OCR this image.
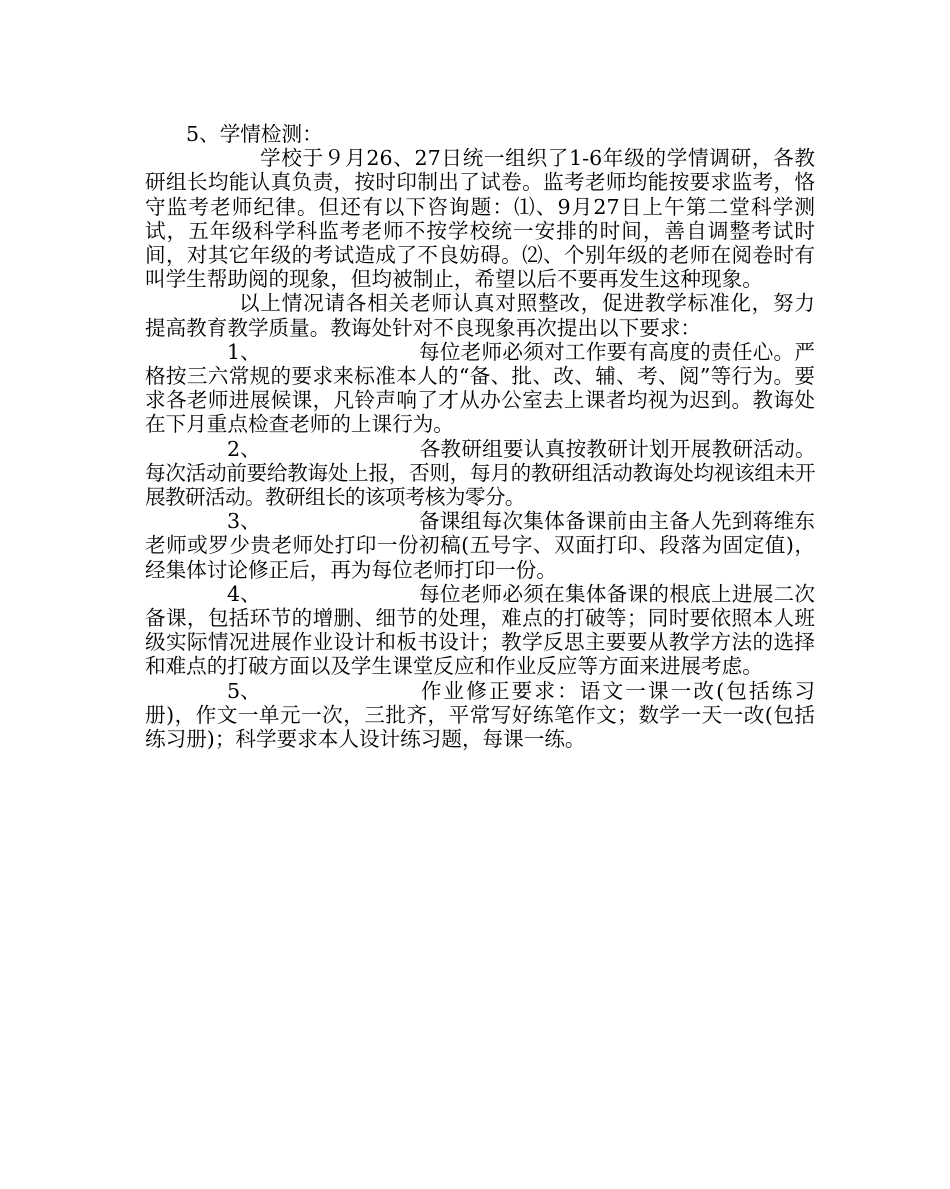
5、学情检测：

学校于９月26、27日统一组织了1-6年级的学情调研，各教研组长均能认真负责，按时印制出了试卷。监考老师均能按要求监考，恪守监考老师纪律。但还有以下咨询题：⑴、9月27日上午第二堂科学测试，五年级科学科监考老师不按学校统一安排的时间，善自调整考试时间，对其它年级的考试造成了不良妨碍。⑵、个别年级的老师在阅卷时有叫学生帮助阅的现象，但均被制止，希望以后不要再发生这种现象。

以上情况请各相关老师认真对照整改，促进教学标准化，努力提高教育教学质量。教诲处针对不良现象再次提出以下要求：

1、	每位老师必须对工作要有高度的责任心。严格按三六常规的要求来标准本人的“备、批、改、辅、考、阅”等行为。要求各老师进展候课，凡铃声响了才从办公室去上课者均视为迟到。教诲处在下月重点检查老师的上课行为。

2、	各教研组要认真按教研计划开展教研活动。每次活动前要给教诲处上报，否则，每月的教研组活动教诲处均视该组未开展教研活动。教研组长的该项考核为零分。

3、	备课组每次集体备课前由主备人先到蒋维东老师或罗少贵老师处打印一份初稿(五号字、双面打印、段落为固定值)，经集体讨论修正后，再为每位老师打印一份。

4、	每位老师必须在集体备课的根底上进展二次备课，包括环节的增删、细节的处理，难点的打破等；同时要依照本人班级实际情况进展作业设计和板书设计；教学反思主要要从教学方法的选择和难点的打破方面以及学生课堂反应和作业反应等方面来进展考虑。

5、	作业修正要求：语文一课一改(包括练习册)，作文一单元一次，三批齐，平常写好练笔作文；数学一天一改(包括练习册)；科学要求本人设计练习题，每课一练。
